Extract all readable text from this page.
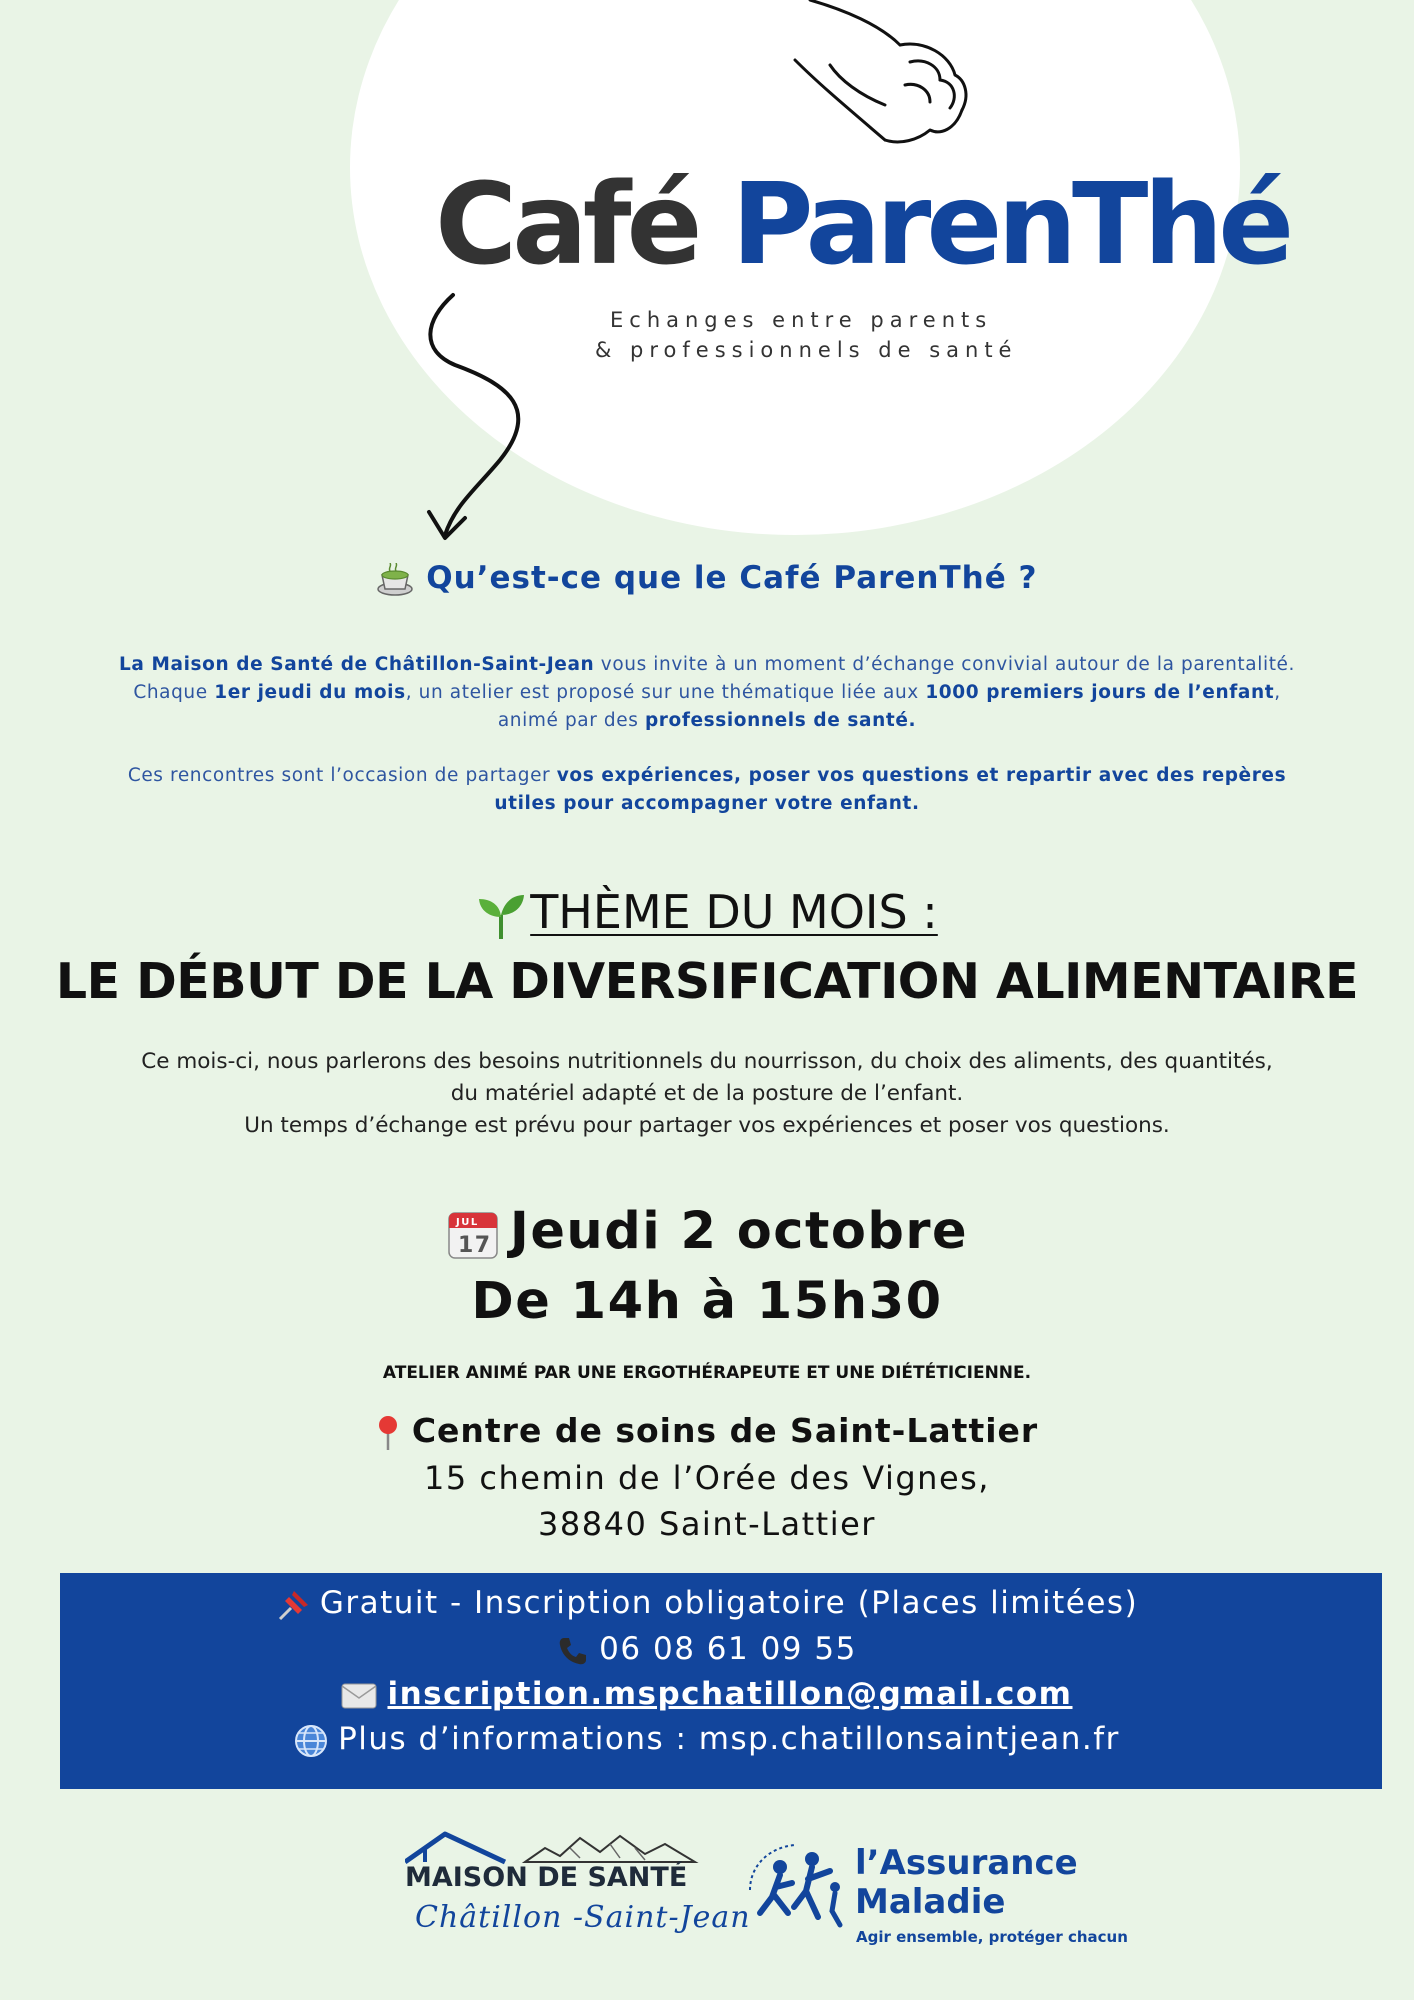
Café ParenThé
Echanges entre parents
& professionnels de santé
Qu’est-ce que le Café ParenThé ?
La Maison de Santé de Châtillon-Saint-Jean vous invite à un moment d’échange convivial autour de la parentalité. Chaque 1er jeudi du mois, un atelier est proposé sur une thématique liée aux 1000 premiers jours de l’enfant, animé par des professionnels de santé.
Ces rencontres sont l’occasion de partager vos expériences, poser vos questions et repartir avec des repères utiles pour accompagner votre enfant.
THÈME DU MOIS :
LE DÉBUT DE LA DIVERSIFICATION ALIMENTAIRE
Ce mois-ci, nous parlerons des besoins nutritionnels du nourrisson, du choix des aliments, des quantités,
du matériel adapté et de la posture de l’enfant.
Un temps d’échange est prévu pour partager vos expériences et poser vos questions.
JUL
17 Jeudi 2 octobre
De 14h à 15h30
ATELIER ANIMÉ PAR UNE ERGOTHÉRAPEUTE ET UNE DIÉTÉTICIENNE.
Centre de soins de Saint-Lattier
15 chemin de l’Orée des Vignes,
38840 Saint-Lattier
Gratuit - Inscription obligatoire (Places limitées)
06 08 61 09 55
inscription.mspchatillon@gmail.com
Plus d’informations : msp.chatillonsaintjean.fr
MAISON DE SANTÉ
Châtillon -Saint-Jean
l’Assurance
Maladie
Agir ensemble, protéger chacun
